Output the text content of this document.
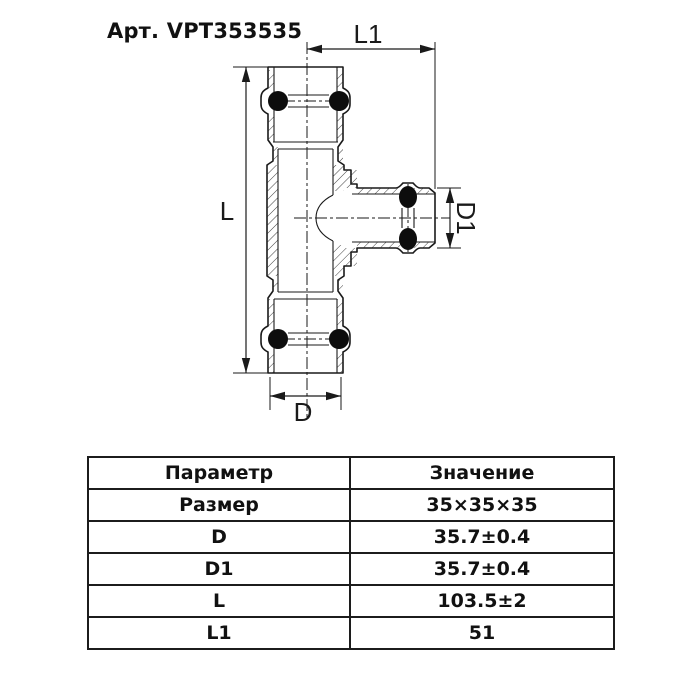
Арт. VPT353535 L1
L	D1
D
Параметр	Значение
Размер	35×35×35
D	35.7±0.4
D1	35.7±0.4
L	103.5±2
L1	51
